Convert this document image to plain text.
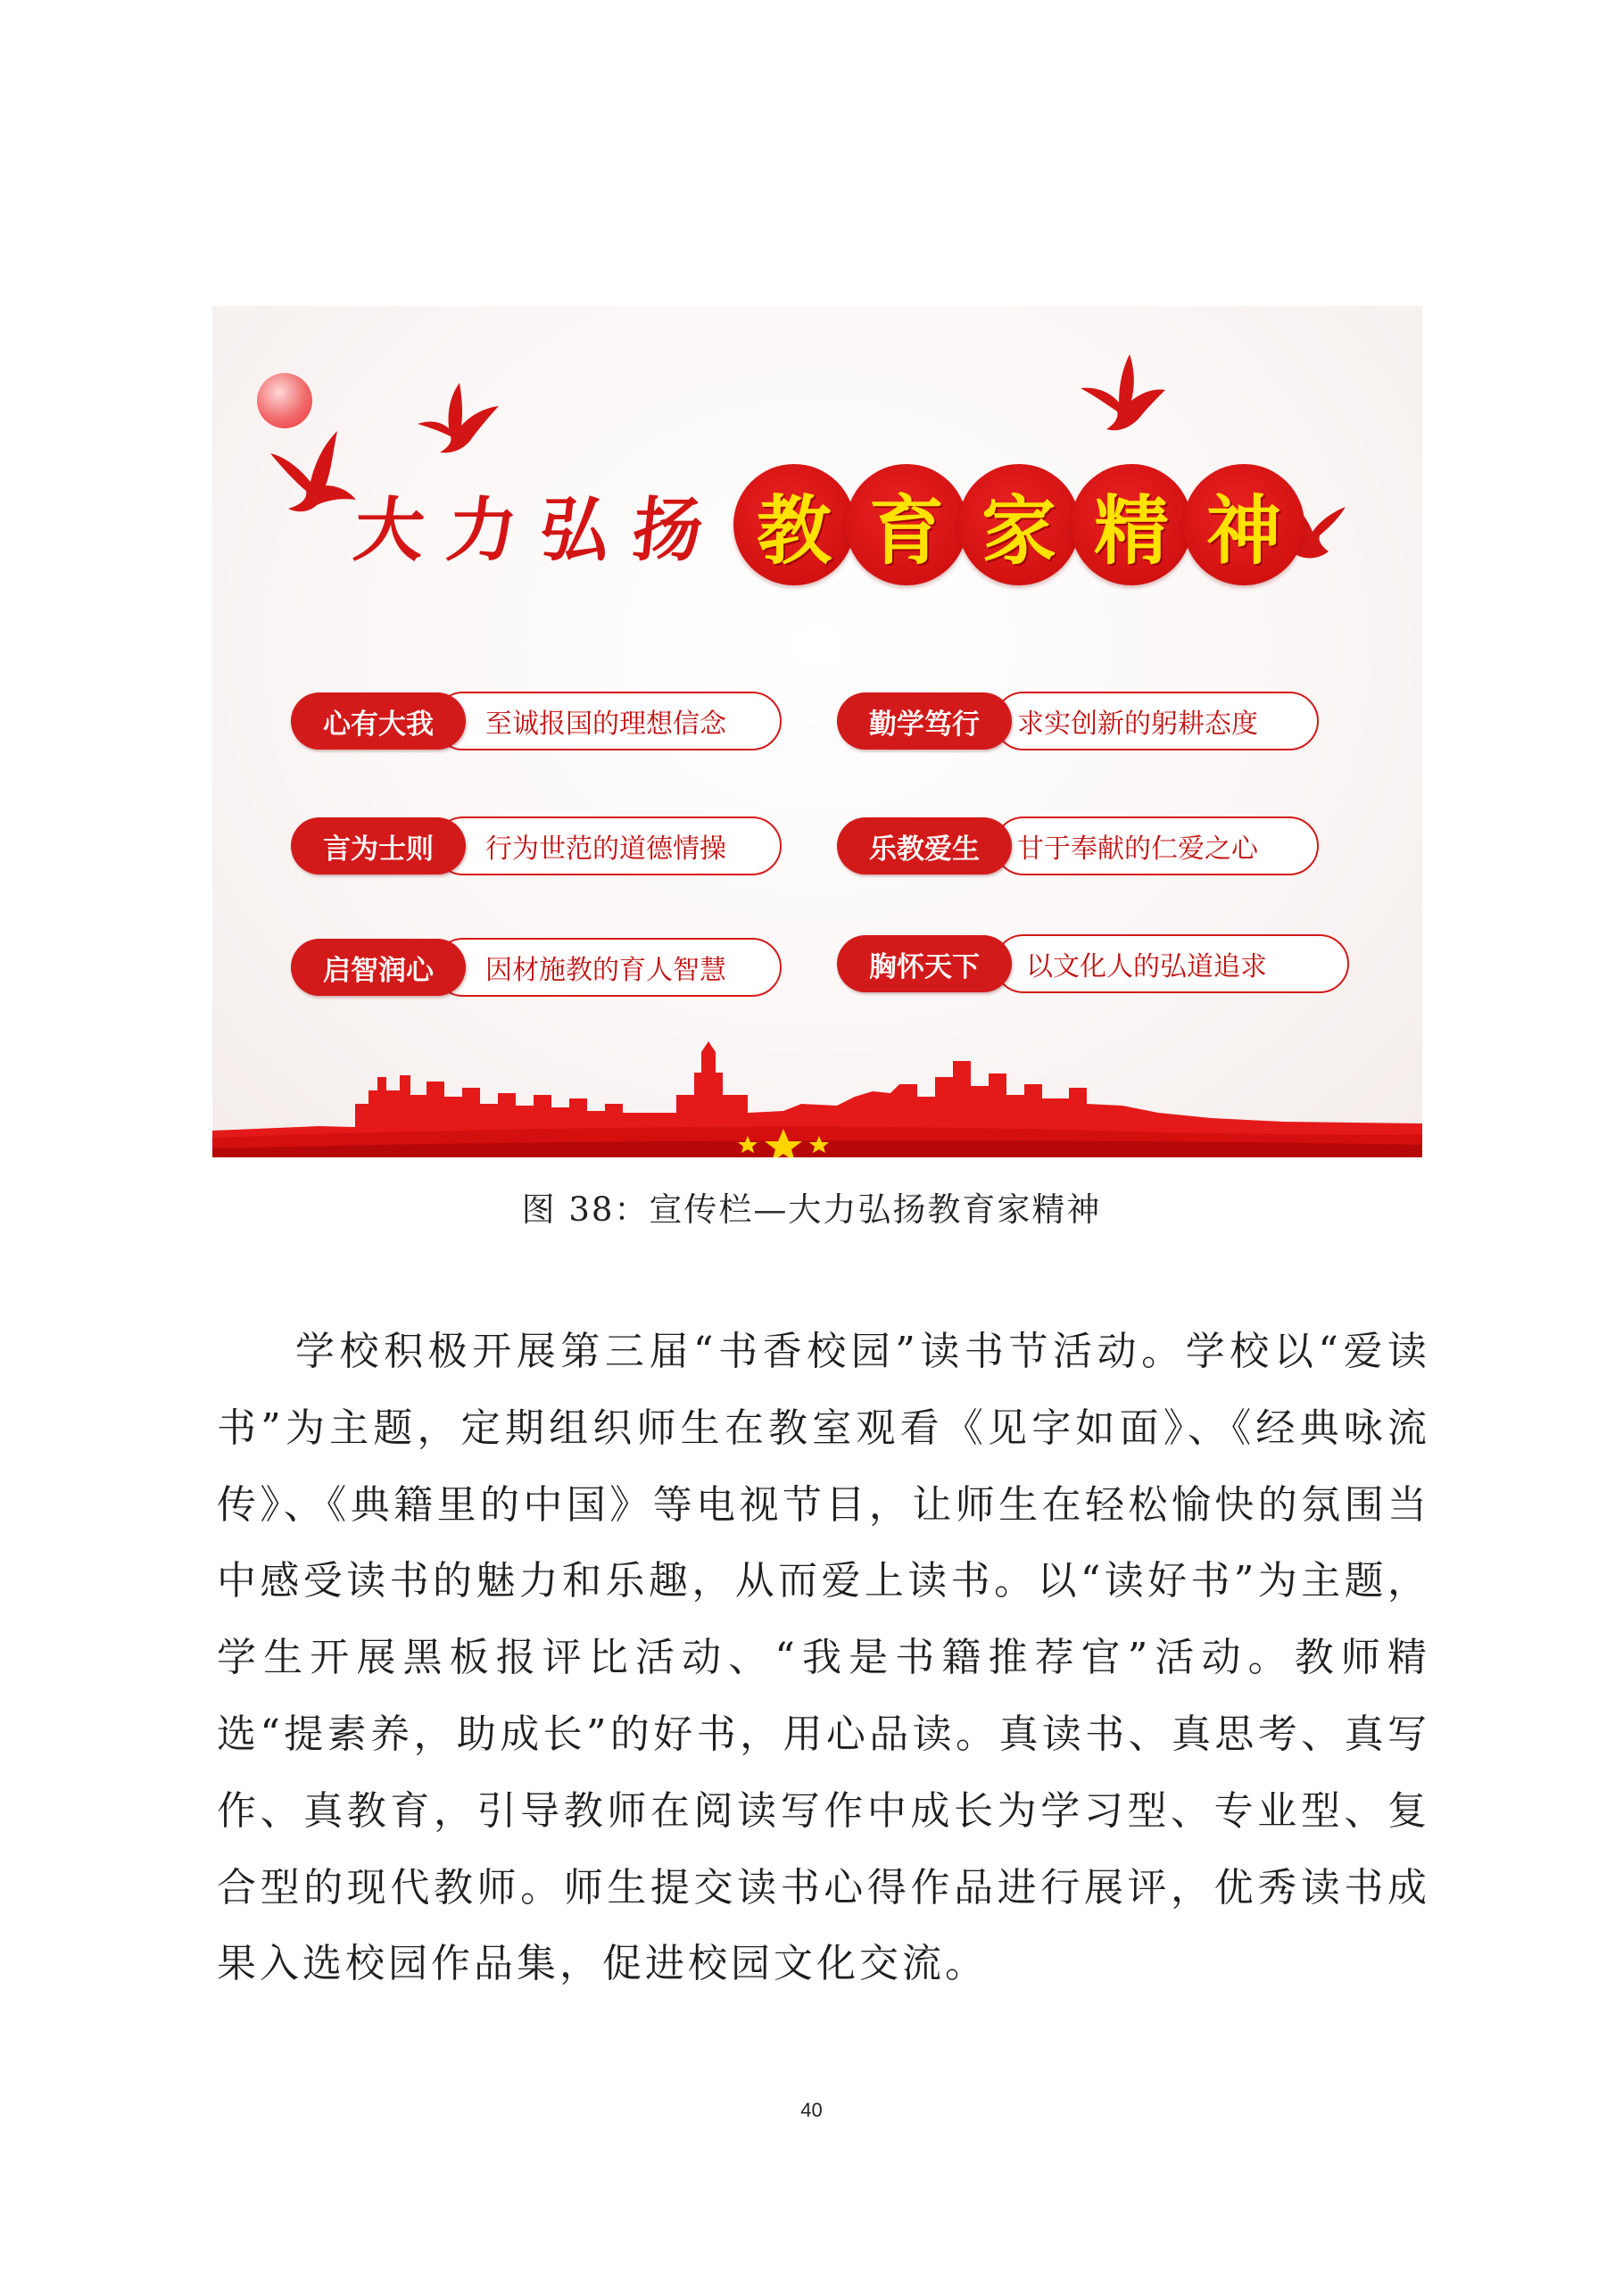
大力弘扬 教 育 家 精 神
心有大我	至诚报国的理想信念
言为士则	行为世范的道德情操
启智润心	因材施教的育人智慧
勤学笃行	求实创新的躬耕态度
乐教爱生	甘于奉献的仁爱之心
胸怀天下	以文化人的弘道追求
图 38：宣传栏—大力弘扬教育家精神

学校积极开展第三届“书香校园”读书节活动。学校以“爱读书”为主题，定期组织师生在教室观看《见字如面》、《经典咏流传》、《典籍里的中国》等电视节目，让师生在轻松愉快的氛围当中感受读书的魅力和乐趣，从而爱上读书。以“读好书”为主题，学生开展黑板报评比活动、“我是书籍推荐官”活动。教师精选“提素养，助成长”的好书，用心品读。真读书、真思考、真写作、真教育，引导教师在阅读写作中成长为学习型、专业型、复合型的现代教师。师生提交读书心得作品进行展评，优秀读书成果入选校园作品集，促进校园文化交流。

40
